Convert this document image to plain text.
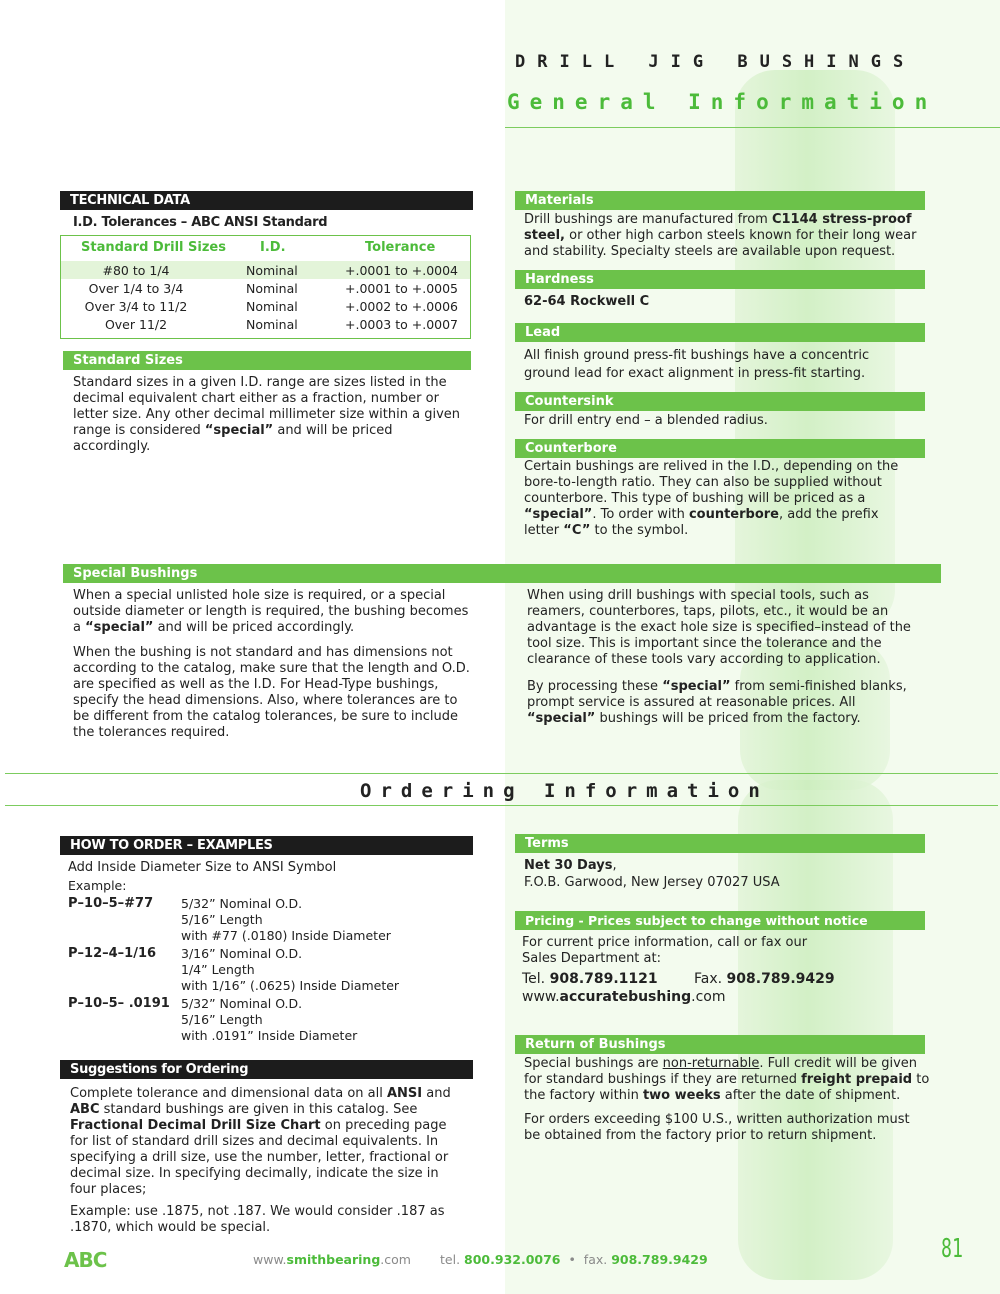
DRILL JIG BUSHINGS
General Information
TECHNICAL DATA
I.D. Tolerances – ABC ANSI Standard
Standard Drill Sizes	I.D.	Tolerance
#80 to 1/4	Nominal	+.0001 to +.0004
Over 1/4 to 3/4	Nominal	+.0001 to +.0005
Over 3/4 to 11/2	Nominal	+.0002 to +.0006
Over 11/2	Nominal	+.0003 to +.0007
Standard Sizes
Standard sizes in a given I.D. range are sizes listed in the decimal equivalent chart either as a fraction, number or letter size. Any other decimal millimeter size within a given range is considered “special” and will be priced accordingly.
Materials
Drill bushings are manufactured from C1144 stress-proof steel, or other high carbon steels known for their long wear and stability. Specialty steels are available upon request.
Hardness
62-64 Rockwell C
Lead
All finish ground press-fit bushings have a concentric ground lead for exact alignment in press-fit starting.
Countersink
For drill entry end – a blended radius.
Counterbore
Certain bushings are relived in the I.D., depending on the bore-to-length ratio. They can also be supplied without counterbore. This type of bushing will be priced as a “special”. To order with counterbore, add the prefix letter “C” to the symbol.
Special Bushings
When a special unlisted hole size is required, or a special outside diameter or length is required, the bushing becomes a “special” and will be priced accordingly.
When the bushing is not standard and has dimensions not according to the catalog, make sure that the length and O.D. are specified as well as the I.D. For Head-Type bushings, specify the head dimensions. Also, where tolerances are to be different from the catalog tolerances, be sure to include the tolerances required.
When using drill bushings with special tools, such as reamers, counterbores, taps, pilots, etc., it would be an advantage is the exact hole size is specified–instead of the tool size. This is important since the tolerance and the clearance of these tools vary according to application.
By processing these “special” from semi-finished blanks, prompt service is assured at reasonable prices. All “special” bushings will be priced from the factory.
Ordering Information
HOW TO ORDER – EXAMPLES
Add Inside Diameter Size to ANSI Symbol
Example:
P–10–5–#77 5/32” Nominal O.D.
5/16” Length
with #77 (.0180) Inside Diameter
P–12–4–1/16 3/16” Nominal O.D.
1/4” Length
with 1/16” (.0625) Inside Diameter
P–10–5– .0191 5/32” Nominal O.D.
5/16” Length
with .0191” Inside Diameter
Suggestions for Ordering
Complete tolerance and dimensional data on all ANSI and ABC standard bushings are given in this catalog. See Fractional Decimal Drill Size Chart on preceding page for list of standard drill sizes and decimal equivalents. In specifying a drill size, use the number, letter, fractional or decimal size. In specifying decimally, indicate the size in four places;
Example: use .1875, not .187. We would consider .187 as .1870, which would be special.
Terms
Net 30 Days,
F.O.B. Garwood, New Jersey 07027 USA
Pricing - Prices subject to change without notice
For current price information, call or fax our Sales Department at:
Tel. 908.789.1121	Fax. 908.789.9429
www.accuratebushing.com
Return of Bushings
Special bushings are non-returnable. Full credit will be given for standard bushings if they are returned freight prepaid to the factory within two weeks after the date of shipment.
For orders exceeding $100 U.S., written authorization must be obtained from the factory prior to return shipment.
ABC	www.smithbearing.com tel. 800.932.0076 • fax. 908.789.9429	81
